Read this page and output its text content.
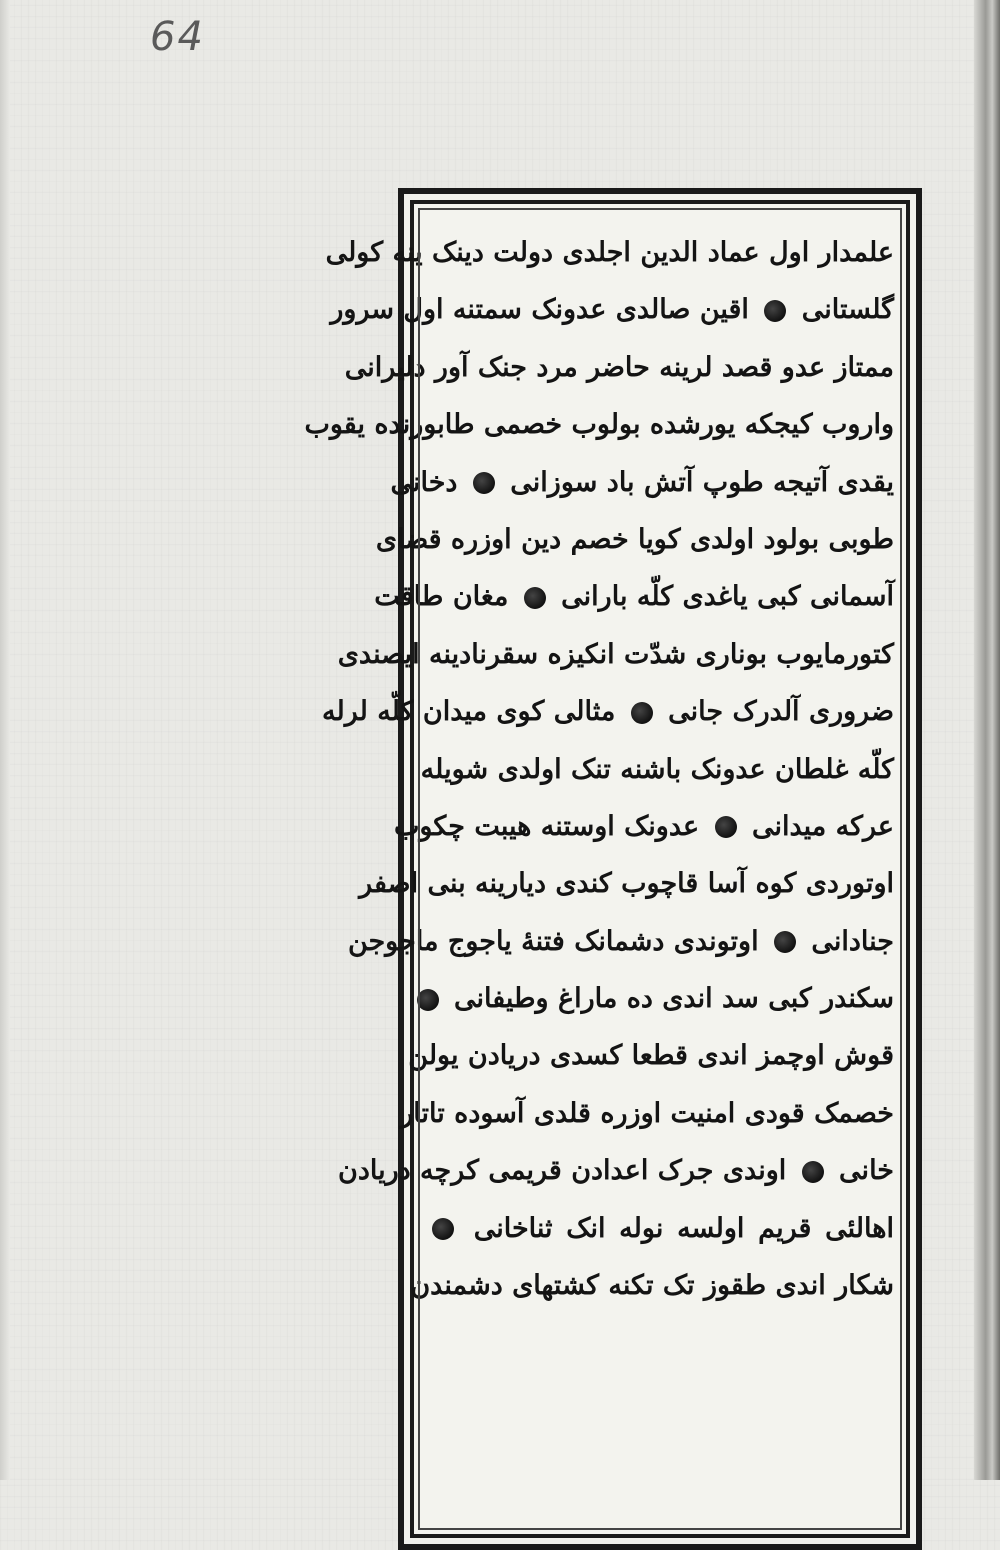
64
علمدار اول عماد الدین اجلدی دولت دینک ینه کولی
گلستانی  اقین صالدی عدونک سمتنه اول سرور
ممتاز عدو قصد لرینه حاضر مرد جنک آور دلیرانی
واروب کیجکه یورشده بولوب خصمی طابورنده یقوب
یقدی آتیجه طوپ آتش باد سوزانی  دخانی
طوبی بولود اولدی کویا خصم دین اوزره قضای
آسمانی کبی یاغدی کلّه بارانی  مغان طاقت
کتورمایوب بوناری شدّت انکیزه سقرنادینه ایصندی
ضروری آلدرک جانی  مثالی کوی میدان کلّه لرله
کلّه غلطان عدونک باشنه تنک اولدی شویله
عرکه میدانی  عدونک اوستنه هیبت چکوب
اوتوردی کوه آسا قاچوب کندی دیارینه بنی اصفر
جنادانی  اوتوندی دشمانک فتنهٔ یاجوج ماجوجن
سکندر کبی سد اندی ده ماراغ وطیفانی
قوش اوچمز اندی قطعا کسدی دریادن یولن
خصمک قودی امنیت اوزره قلدی آسوده تاتار
خانی  اوندی جرک اعدادن قریمی کرچه دریادن
اهالئی قریم اولسه نوله انک ثناخانی
شکار اندی طقوز تک تکنه کشتهای دشمندن
